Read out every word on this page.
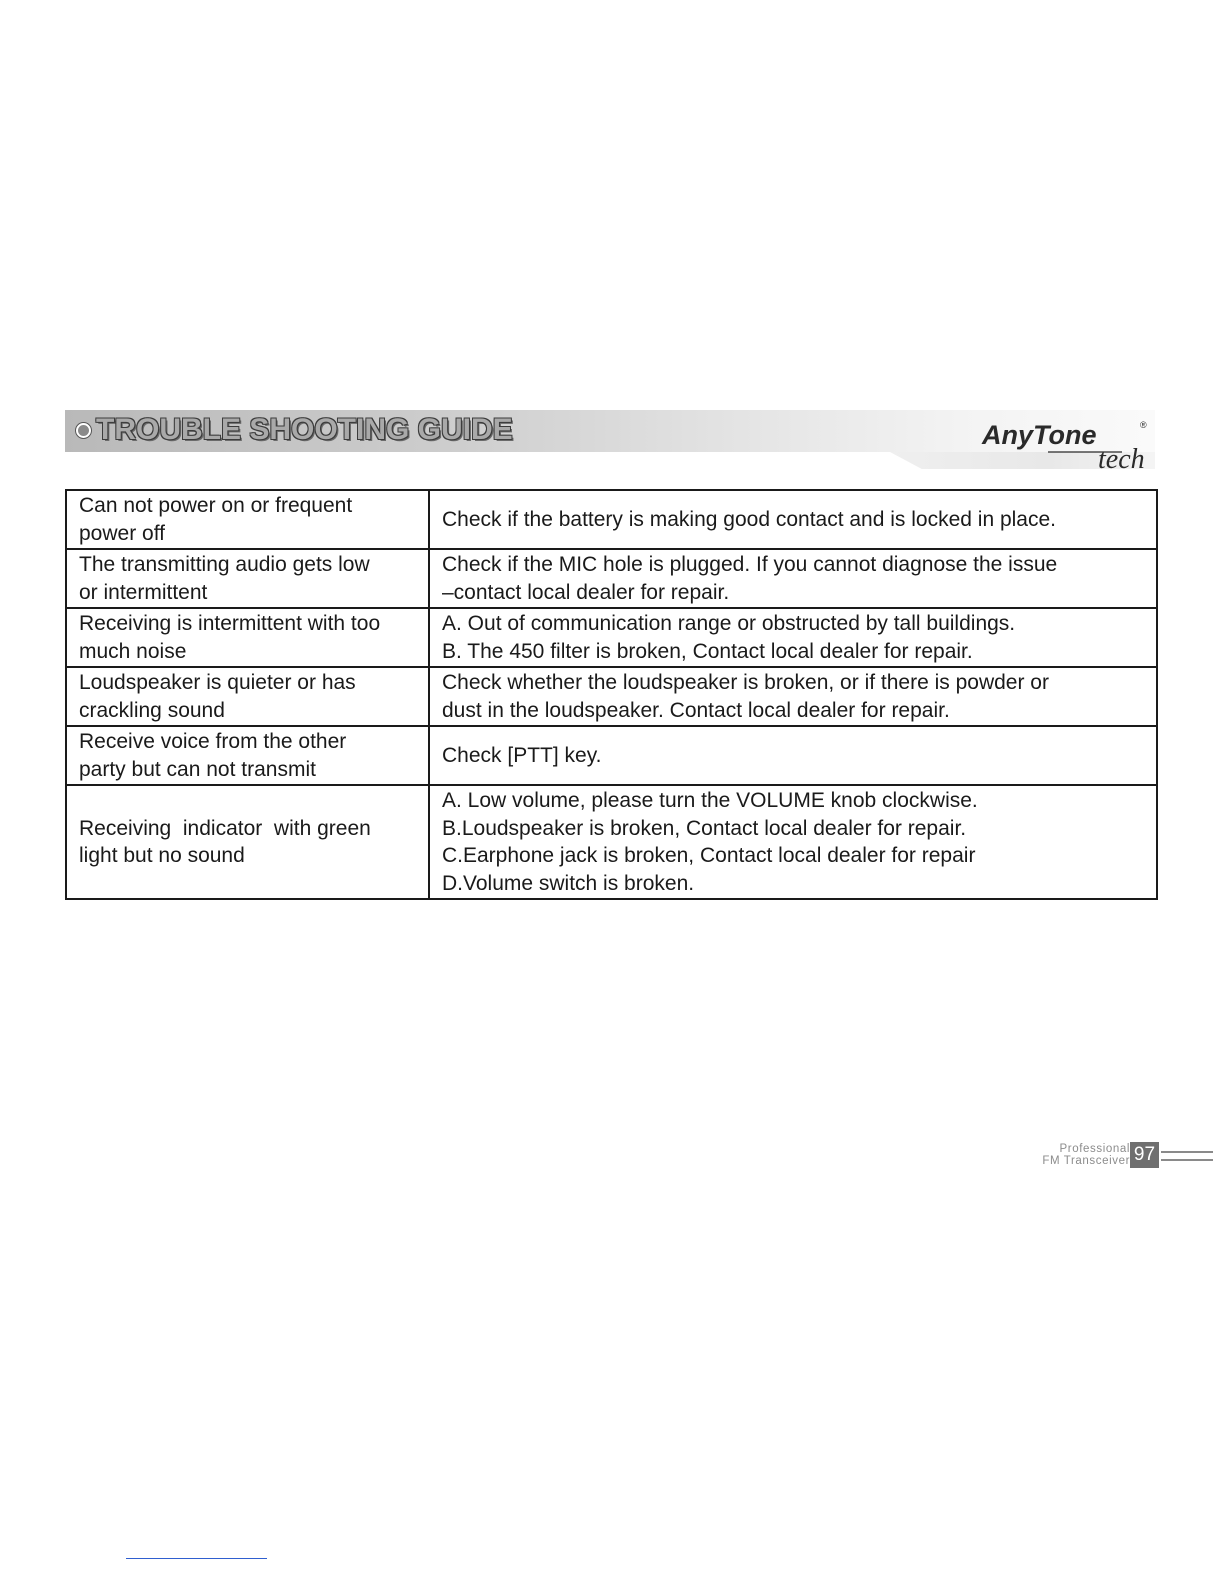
TROUBLE SHOOTING GUIDE	AnyTone	®
tech
Can not power on or frequent
power off	Check if the battery is making good contact and is locked in place.

The transmitting audio gets low
or intermittent	Check if the MIC hole is plugged. If you cannot diagnose the issue
–contact local dealer for repair.

Receiving is intermittent with too
much noise	A. Out of communication range or obstructed by tall buildings.
B. The 450 filter is broken, Contact local dealer for repair.

Loudspeaker is quieter or has
crackling sound	Check whether the loudspeaker is broken, or if there is powder or
dust in the loudspeaker. Contact local dealer for repair.

Receive voice from the other
party but can not transmit	Check [PTT] key.

Receiving  indicator  with green
light but no sound	A. Low volume, please turn the VOLUME knob clockwise.
B.Loudspeaker is broken, Contact local dealer for repair.
C.Earphone jack is broken, Contact local dealer for repair
D.Volume switch is broken.
Professional
FM Transceiver 97
